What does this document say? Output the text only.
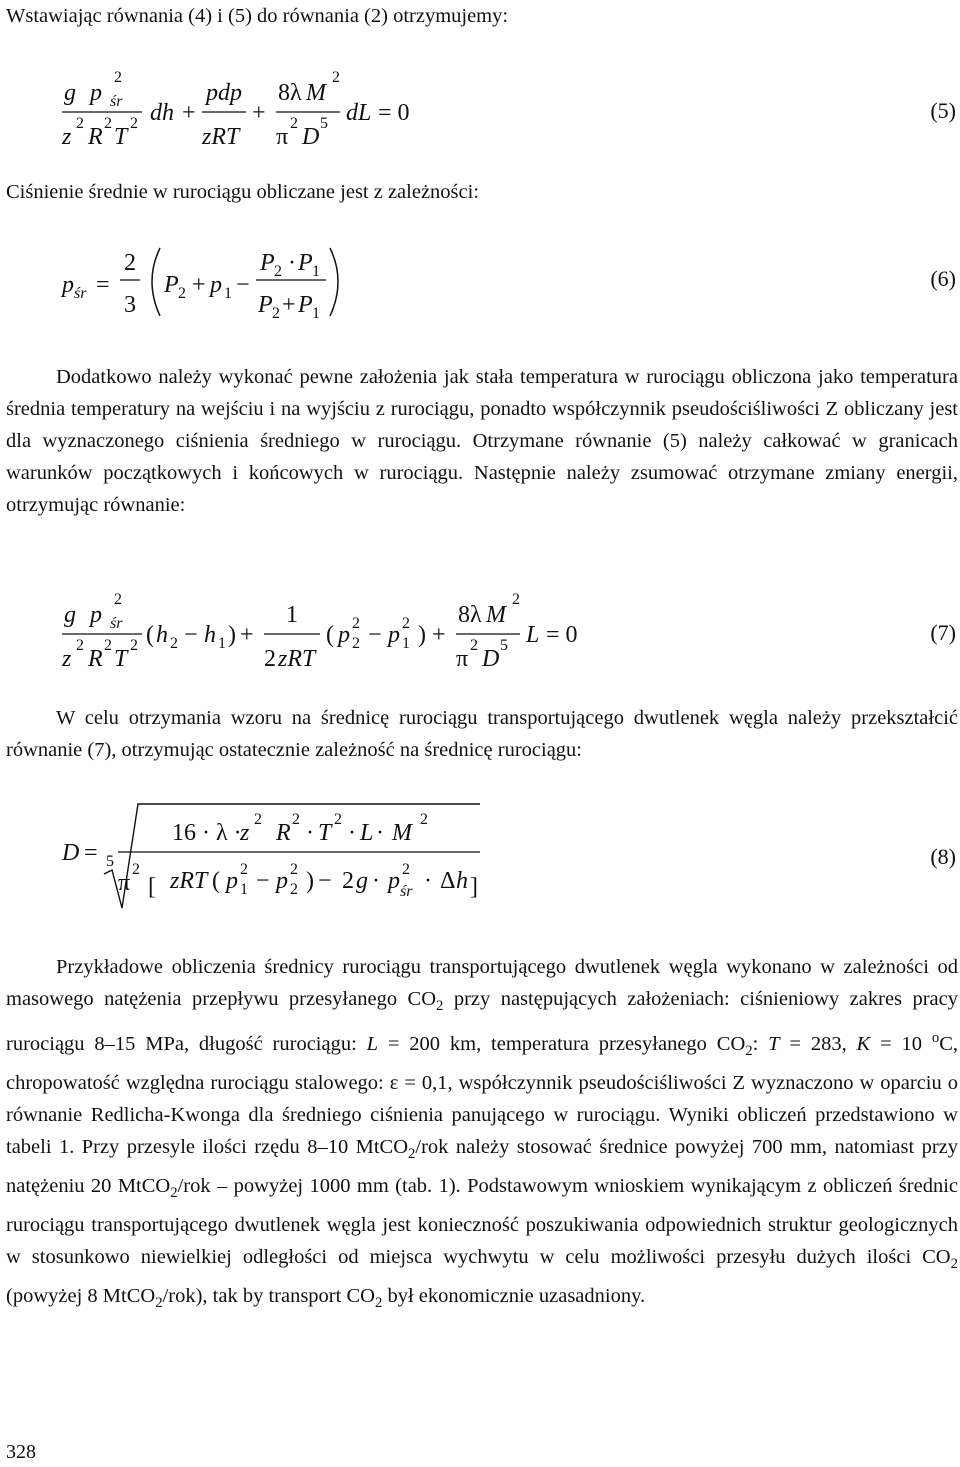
Wstawiając równania (4) i (5) do równania (2) otrzymujemy:

g p
2
śr
z
2
R
2
T
2 dh +
pdp
zRT
+
8λ M
2
π
2
D
5 dL = 0	(5)

Ciśnienie średnie w rurociągu obliczane jest z zależności:

p śr =
2
3
P 2 + p 1 −
P 2 · P 1
P 2 + P 1
(6)

Dodatkowo należy wykonać pewne założenia jak stała temperatura w rurociągu obliczona jako temperatura średnia temperatury na wejściu i na wyjściu z rurociągu, ponadto współczynnik pseudościśliwości Z obliczany jest dla wyznaczonego ciśnienia średniego w rurociągu. Otrzymane równanie (5) należy całkować w granicach warunków początkowych i końcowych w rurociągu. Następnie należy zsumować otrzymane zmiany energii, otrzymując równanie:

g p
2
śr
z
2
R
2
T
2 ( h 2 − h 1 ) +
1
2 zRT
( p 2
2 − p 2
1 ) +
8λ M
2
π
2
D
5 L = 0	(7)

W celu otrzymania wzoru na średnicę rurociągu transportującego dwutlenek węgla należy przekształcić równanie (7), otrzymując ostatecznie zależność na średnicę rurociągu:

D = 5
16 · λ ·
z
2
R
2
· T
2
· L · M
2
π
2
[ zRT ( p 2
1 − p 2
2 ) − 2 g · p 2
śr · Δ h ]
(8)

Przykładowe obliczenia średnicy rurociągu transportującego dwutlenek węgla wykonano w zależności od masowego natężenia przepływu przesyłanego $CO_2$ przy następujących założeniach: ciśnieniowy zakres pracy rurociągu 8–15 MPa, długość rurociągu: L = 200 km, temperatura przesyłanego $CO_2$: T = 283, K = 10 $^o$C, chropowatość względna rurociągu stalowego: ε = 0,1, współczynnik pseudościśliwości Z wyznaczono w oparciu o równanie Redlicha-Kwonga dla średniego ciśnienia panującego w rurociągu. Wyniki obliczeń przedstawiono w tabeli 1. Przy przesyle ilości rzędu 8–10 MtCO$_2$/rok należy stosować średnice powyżej 700 mm, natomiast przy natężeniu 20 MtCO$_2$/rok – powyżej 1000 mm (tab. 1). Podstawowym wnioskiem wynikającym z obliczeń średnic rurociągu transportującego dwutlenek węgla jest konieczność poszukiwania odpowiednich struktur geologicznych w stosunkowo niewielkiej odległości od miejsca wychwytu w celu możliwości przesyłu dużych ilości $CO_2$ (powyżej 8 MtCO$_2$/rok), tak by transport $CO_2$ był ekonomicznie uzasadniony.

328
